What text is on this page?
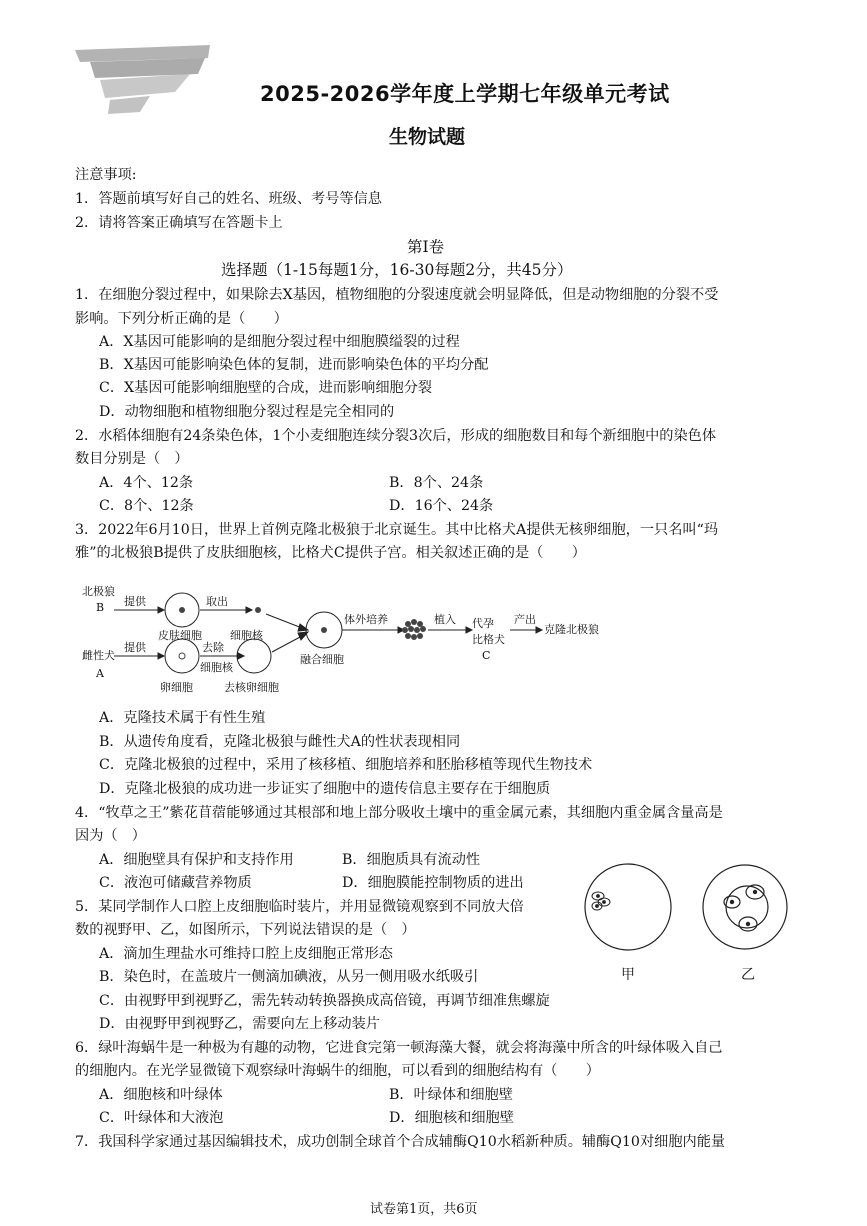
2025-2026学年度上学期七年级单元考试
生物试题
注意事项:
1．答题前填写好自己的姓名、班级、考号等信息
2．请将答案正确填写在答题卡上
第Ⅰ卷
选择题（1-15每题1分，16-30每题2分，共45分）
1．在细胞分裂过程中，如果除去X基因，植物细胞的分裂速度就会明显降低，但是动物细胞的分裂不受
影响。下列分析正确的是（　　）
A．X基因可能影响的是细胞分裂过程中细胞膜缢裂的过程
B．X基因可能影响染色体的复制，进而影响染色体的平均分配
C．X基因可能影响细胞壁的合成，进而影响细胞分裂
D．动物细胞和植物细胞分裂过程是完全相同的
2．水稻体细胞有24条染色体，1个小麦细胞连续分裂3次后，形成的细胞数目和每个新细胞中的染色体
数目分别是（　）
A．4个、12条	B．8个、24条
C．8个、12条	D．16个、24条
3．2022年6月10日，世界上首例克隆北极狼于北京诞生。其中比格犬A提供无核卵细胞，一只名叫“玛
雅”的北极狼B提供了皮肤细胞核，比格犬C提供子宫。相关叙述正确的是（　　）
北极狼
B 提供	取出
皮肤细胞	细胞核
雌性犬
A
提供	去除
细胞核
卵细胞	去核卵细胞
融合细胞
体外培养	植入 代孕
比格犬
C
产出
克隆北极狼
A．克隆技术属于有性生殖
B．从遗传角度看，克隆北极狼与雌性犬A的性状表现相同
C．克隆北极狼的过程中，采用了核移植、细胞培养和胚胎移植等现代生物技术
D．克隆北极狼的成功进一步证实了细胞中的遗传信息主要存在于细胞质
4．“牧草之王”紫花苜蓿能够通过其根部和地上部分吸收土壤中的重金属元素，其细胞内重金属含量高是
因为（　）
A．细胞壁具有保护和支持作用	B．细胞质具有流动性
C．液泡可储藏营养物质	D．细胞膜能控制物质的进出
5．某同学制作人口腔上皮细胞临时装片，并用显微镜观察到不同放大倍
数的视野甲、乙，如图所示，下列说法错误的是（　）
A．滴加生理盐水可维持口腔上皮细胞正常形态
B．染色时，在盖玻片一侧滴加碘液，从另一侧用吸水纸吸引
C．由视野甲到视野乙，需先转动转换器换成高倍镜，再调节细准焦螺旋
D．由视野甲到视野乙，需要向左上移动装片
甲	乙
6．绿叶海蜗牛是一种极为有趣的动物，它进食完第一顿海藻大餐，就会将海藻中所含的叶绿体吸入自己
的细胞内。在光学显微镜下观察绿叶海蜗牛的细胞，可以看到的细胞结构有（　　）
A．细胞核和叶绿体	B．叶绿体和细胞壁
C．叶绿体和大液泡	D．细胞核和细胞壁
7．我国科学家通过基因编辑技术，成功创制全球首个合成辅酶Q10水稻新种质。辅酶Q10对细胞内能量
试卷第1页，共6页
